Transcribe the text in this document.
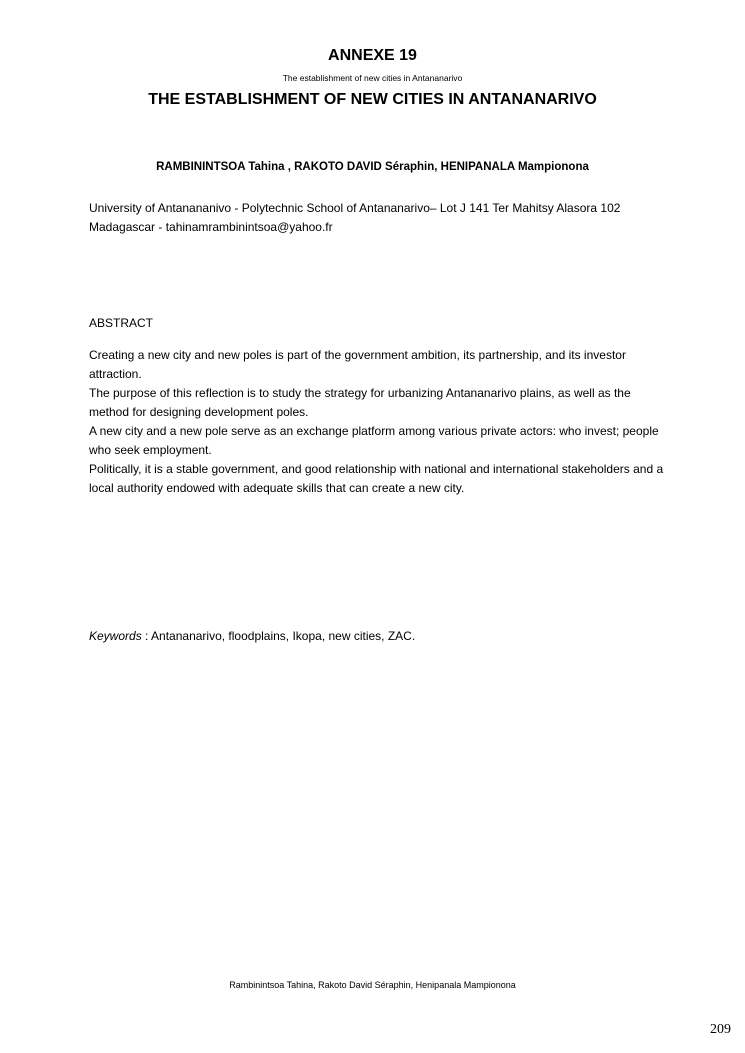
ANNEXE 19
The establishment of new cities in Antananarivo
THE ESTABLISHMENT OF NEW CITIES IN ANTANANARIVO
RAMBININTSOA Tahina , RAKOTO DAVID Séraphin, HENIPANALA Mampionona
University of Antanananivo - Polytechnic School of Antananarivo– Lot J 141 Ter Mahitsy Alasora 102
Madagascar - tahinamrambinintsoa@yahoo.fr
ABSTRACT

Creating a new city and new poles is part of the government ambition, its partnership, and its investor attraction.

The purpose of this reflection is to study the strategy for urbanizing Antananarivo plains, as well as the method for designing development poles.

A new city and a new pole serve as an exchange platform among various private actors: who invest; people who seek employment.

Politically, it is a stable government, and good relationship with national and international stakeholders and a local authority endowed with adequate skills that can create a new city.

Keywords : Antananarivo, floodplains, Ikopa, new cities, ZAC.
Rambinintsoa Tahina, Rakoto David Séraphin, Henipanala Mampionona
209
